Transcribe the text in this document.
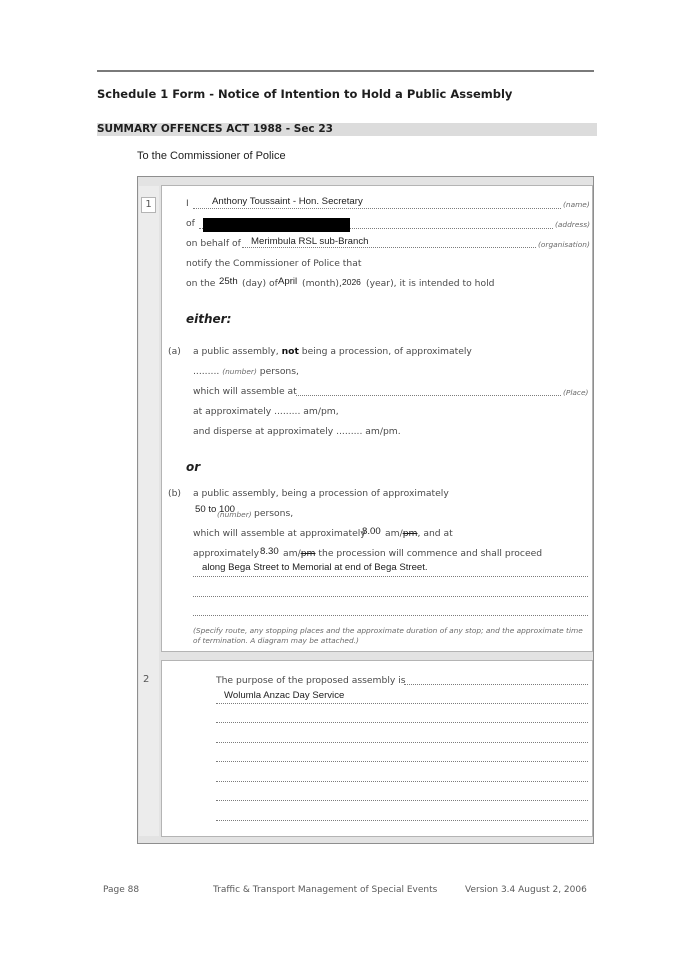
Schedule 1 Form - Notice of Intention to Hold a Public Assembly
SUMMARY OFFENCES ACT 1988 - Sec 23
To the Commissioner of Police
1
2
I Anthony Toussaint - Hon. Secretary	(name)
of	(address)
on behalf of Merimbula RSL sub-Branch	(organisation)
notify the Commissioner of Police that
on the 25th (day) of April (month), 2026 (year), it is intended to hold
either:
(a) a public assembly, not being a procession, of approximately
......... (number) persons,
which will assemble at	(Place)
at approximately ......... am/pm,
and disperse at approximately ......... am/pm.
or
(b) a public assembly, being a procession of approximately
50 to 100
(number) persons,
which will assemble at approximately
8.00 am/pm, and at
approximately 8.30 am/pm the procession will commence and shall proceed
along Bega Street to Memorial at end of Bega Street.
(Specify route, any stopping places and the approximate duration of any stop; and the approximate time of termination. A diagram may be attached.)
The purpose of the proposed assembly is
Wolumla Anzac Day Service
Page 88	Traffic & Transport Management of Special Events	Version 3.4 August 2, 2006
